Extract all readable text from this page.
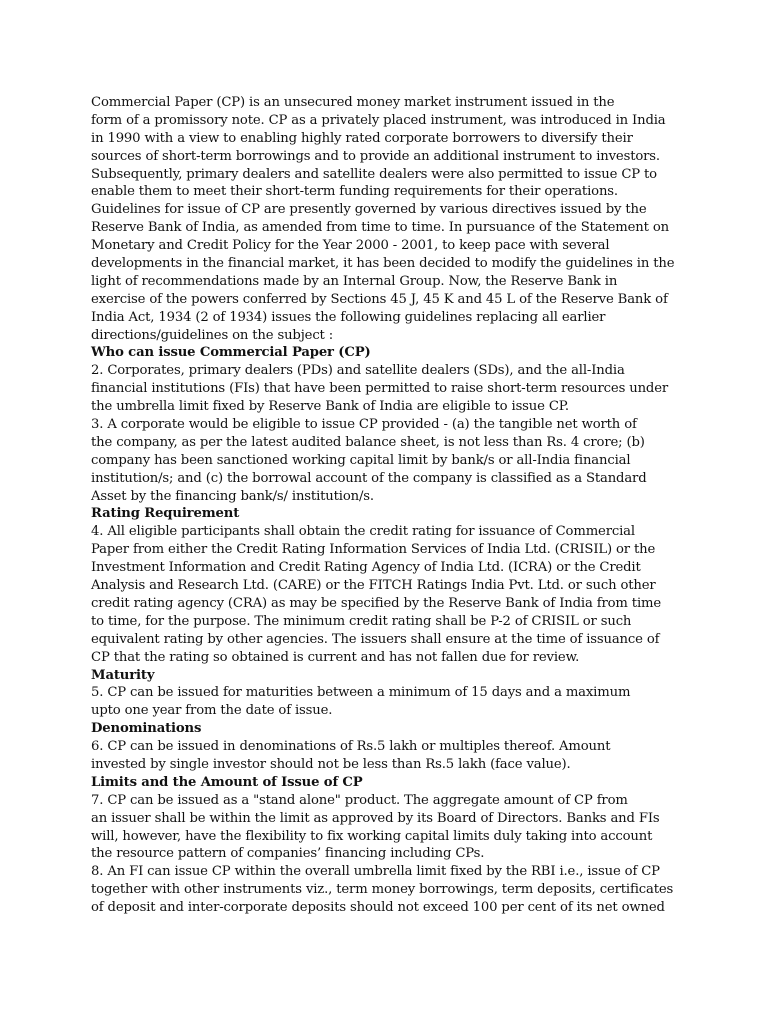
Commercial Paper (CP) is an unsecured money market instrument issued in the
form of a promissory note. CP as a privately placed instrument, was introduced in India
in 1990 with a view to enabling highly rated corporate borrowers to diversify their
sources of short-term borrowings and to provide an additional instrument to investors.
Subsequently, primary dealers and satellite dealers were also permitted to issue CP to
enable them to meet their short-term funding requirements for their operations.
Guidelines for issue of CP are presently governed by various directives issued by the
Reserve Bank of India, as amended from time to time. In pursuance of the Statement on
Monetary and Credit Policy for the Year 2000 - 2001, to keep pace with several
developments in the financial market, it has been decided to modify the guidelines in the
light of recommendations made by an Internal Group. Now, the Reserve Bank in
exercise of the powers conferred by Sections 45 J, 45 K and 45 L of the Reserve Bank of
India Act, 1934 (2 of 1934) issues the following guidelines replacing all earlier
directions/guidelines on the subject :
Who can issue Commercial Paper (CP)
2. Corporates, primary dealers (PDs) and satellite dealers (SDs), and the all-India
financial institutions (FIs) that have been permitted to raise short-term resources under
the umbrella limit fixed by Reserve Bank of India are eligible to issue CP.
3. A corporate would be eligible to issue CP provided - (a) the tangible net worth of
the company, as per the latest audited balance sheet, is not less than Rs. 4 crore; (b)
company has been sanctioned working capital limit by bank/s or all-India financial
institution/s; and (c) the borrowal account of the company is classified as a Standard
Asset by the financing bank/s/ institution/s.
Rating Requirement
4. All eligible participants shall obtain the credit rating for issuance of Commercial
Paper from either the Credit Rating Information Services of India Ltd. (CRISIL) or the
Investment Information and Credit Rating Agency of India Ltd. (ICRA) or the Credit
Analysis and Research Ltd. (CARE) or the FITCH Ratings India Pvt. Ltd. or such other
credit rating agency (CRA) as may be specified by the Reserve Bank of India from time
to time, for the purpose. The minimum credit rating shall be P-2 of CRISIL or such
equivalent rating by other agencies. The issuers shall ensure at the time of issuance of
CP that the rating so obtained is current and has not fallen due for review.
Maturity
5. CP can be issued for maturities between a minimum of 15 days and a maximum
upto one year from the date of issue.
Denominations
6. CP can be issued in denominations of Rs.5 lakh or multiples thereof. Amount
invested by single investor should not be less than Rs.5 lakh (face value).
Limits and the Amount of Issue of CP
7. CP can be issued as a "stand alone" product. The aggregate amount of CP from
an issuer shall be within the limit as approved by its Board of Directors. Banks and FIs
will, however, have the flexibility to fix working capital limits duly taking into account
the resource pattern of companies’ financing including CPs.
8. An FI can issue CP within the overall umbrella limit fixed by the RBI i.e., issue of CP
together with other instruments viz., term money borrowings, term deposits, certificates
of deposit and inter-corporate deposits should not exceed 100 per cent of its net owned
